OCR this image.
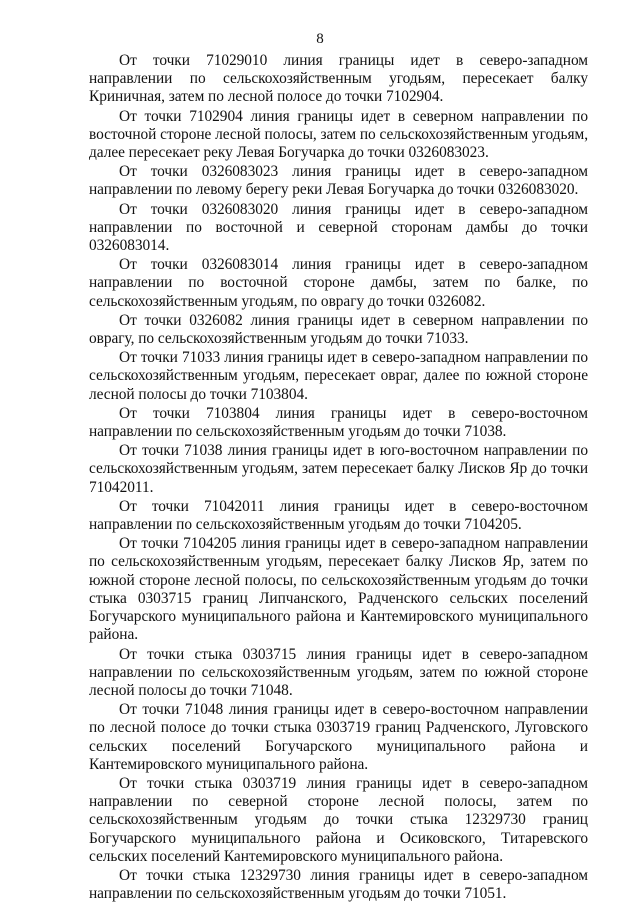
8

От точки 71029010 линия границы идет в северо-западном направлении по сельскохозяйственным угодьям, пересекает балку Криничная, затем по лесной полосе до точки 7102904.

От точки 7102904 линия границы идет в северном направлении по восточной стороне лесной полосы, затем по сельскохозяйственным угодьям, далее пересекает реку Левая Богучарка до точки 0326083023.

От точки 0326083023 линия границы идет в северо-западном направлении по левому берегу реки Левая Богучарка до точки 0326083020.

От точки 0326083020 линия границы идет в северо-западном направлении по восточной и северной сторонам дамбы до точки 0326083014.

От точки 0326083014 линия границы идет в северо-западном направлении по восточной стороне дамбы, затем по балке, по сельскохозяйственным угодьям, по оврагу до точки 0326082.

От точки 0326082 линия границы идет в северном направлении по оврагу, по сельскохозяйственным угодьям до точки 71033.

От точки 71033 линия границы идет в северо-западном направлении по сельскохозяйственным угодьям, пересекает овраг, далее по южной стороне лесной полосы до точки 7103804.

От точки 7103804 линия границы идет в северо-восточном направлении по сельскохозяйственным угодьям до точки 71038.

От точки 71038 линия границы идет в юго-восточном направлении по сельскохозяйственным угодьям, затем пересекает балку Лисков Яр до точки 71042011.

От точки 71042011 линия границы идет в северо-восточном направлении по сельскохозяйственным угодьям до точки 7104205.

От точки 7104205 линия границы идет в северо-западном направлении по сельскохозяйственным угодьям, пересекает балку Лисков Яр, затем по южной стороне лесной полосы, по сельскохозяйственным угодьям до точки стыка 0303715 границ Липчанского, Радченского сельских поселений Богучарского муниципального района и Кантемировского муниципального района.

От точки стыка 0303715 линия границы идет в северо-западном направлении по сельскохозяйственным угодьям, затем по южной стороне лесной полосы до точки 71048.

От точки 71048 линия границы идет в северо-восточном направлении по лесной полосе до точки стыка 0303719 границ Радченского, Луговского сельских поселений Богучарского муниципального района и Кантемировского муниципального района.

От точки стыка 0303719 линия границы идет в северо-западном направлении по северной стороне лесной полосы, затем по сельскохозяйственным угодьям до точки стыка 12329730 границ Богучарского муниципального района и Осиковского, Титаревского сельских поселений Кантемировского муниципального района.

От точки стыка 12329730 линия границы идет в северо-западном направлении по сельскохозяйственным угодьям до точки 71051.
